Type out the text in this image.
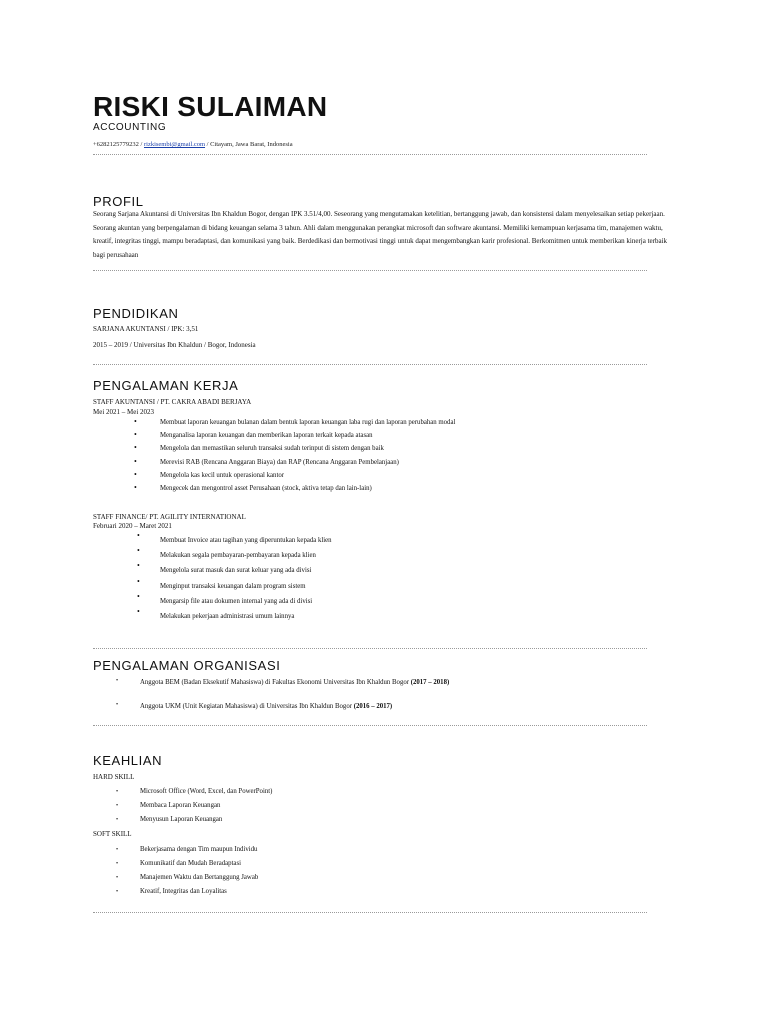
RISKI SULAIMAN
ACCOUNTING
+6282125779232 / rizkisembi@gmail.com / Citayam, Jawa Barat, Indonesia
PROFIL
Seorang Sarjana Akuntansi di Universitas Ibn Khaldun Bogor, dengan IPK 3.51/4,00. Seseorang yang mengutamakan ketelitian, bertanggung jawab, dan konsistensi dalam menyelesaikan setiap pekerjaan. Seorang akuntan yang berpengalaman di bidang keuangan selama 3 tahun. Ahli dalam menggunakan perangkat microsoft dan software akuntansi. Memiliki kemampuan kerjasama tim, manajemen waktu, kreatif, integritas tinggi, mampu beradaptasi, dan komunikasi yang baik. Berdedikasi dan bermotivasi tinggi untuk dapat mengembangkan karir profesional. Berkomitmen untuk memberikan kinerja terbaik bagi perusahaan
PENDIDIKAN
SARJANA AKUNTANSI / IPK: 3,51
2015 – 2019 / Universitas Ibn Khaldun / Bogor, Indonesia
PENGALAMAN KERJA
STAFF AKUNTANSI / PT. CAKRA ABADI BERJAYA
Mei 2021 – Mei 2023
• Membuat laporan keuangan bulanan dalam bentuk laporan keuangan laba rugi dan laporan perubahan modal
• Menganalisa laporan keuangan dan memberikan laporan terkait kepada atasan
• Mengelola dan memastikan seluruh transaksi sudah terinput di sistem dengan baik
• Merevisi RAB (Rencana Anggaran Biaya) dan RAP (Rencana Anggaran Pembelanjaan)
• Mengelola kas kecil untuk operasional kantor
• Mengecek dan mengontrol asset Perusahaan (stock, aktiva tetap dan lain-lain)
STAFF FINANCE/ PT. AGILITY INTERNATIONAL
Februari 2020 – Maret 2021
• Membuat Invoice atau tagihan yang diperuntukan kepada klien
• Melakukan segala pembayaran-pembayaran kepada klien
• Mengelola surat masuk dan surat keluar yang ada divisi
• Menginput transaksi keuangan dalam program sistem
• Mengarsip file atau dokumen internal yang ada di divisi
• Melakukan pekerjaan administrasi umum lainnya
PENGALAMAN ORGANISASI
• Anggota BEM (Badan Eksekutif Mahasiswa) di Fakultas Ekonomi Universitas Ibn Khaldun Bogor (2017 – 2018)
• Anggota UKM (Unit Kegiatan Mahasiswa) di Universitas Ibn Khaldun Bogor (2016 – 2017)
KEAHLIAN
HARD SKILL
• Microsoft Office (Word, Excel, dan PowerPoint)
• Membaca Laporan Keuangan
• Menyusun Laporan Keuangan
SOFT SKILL
• Bekerjasama dengan Tim maupun Individu
• Komunikatif dan Mudah Beradaptasi
• Manajemen Waktu dan Bertanggung Jawab
• Kreatif, Integritas dan Loyalitas
